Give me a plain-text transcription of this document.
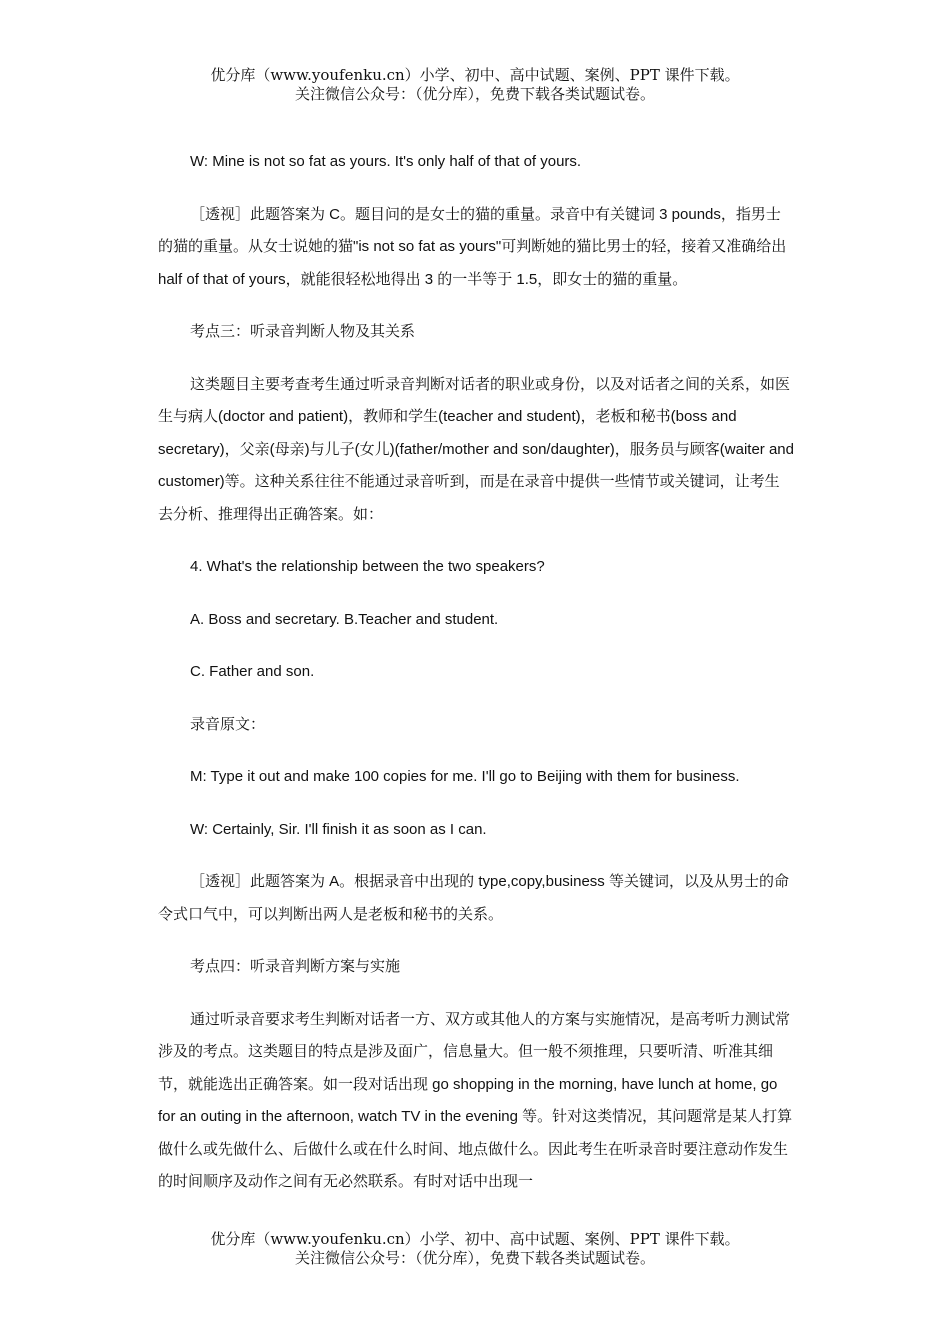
优分库（www.youfenku.cn）小学、初中、高中试题、案例、PPT 课件下载。
关注微信公众号：（优分库），免费下载各类试题试卷。

W: Mine is not so fat as yours. It's only half of that of yours.

［透视］此题答案为 C。题目问的是女士的猫的重量。录音中有关键词 3 pounds，指男士的猫的重量。从女士说她的猫"is not so fat as yours"可判断她的猫比男士的轻，接着又准确给出 half of that of yours，就能很轻松地得出 3 的一半等于 1.5，即女士的猫的重量。

考点三：听录音判断人物及其关系

这类题目主要考查考生通过听录音判断对话者的职业或身份，以及对话者之间的关系，如医生与病人(doctor and patient)，教师和学生(teacher and student)，老板和秘书(boss and secretary)，父亲(母亲)与儿子(女儿)(father/mother and son/daughter)，服务员与顾客(waiter and customer)等。这种关系往往不能通过录音听到，而是在录音中提供一些情节或关键词，让考生去分析、推理得出正确答案。如：

4. What's the relationship between the two speakers?

A. Boss and secretary. B.Teacher and student.

C. Father and son.

录音原文：

M: Type it out and make 100 copies for me. I'll go to Beijing with them for business.

W: Certainly, Sir. I'll finish it as soon as I can.

［透视］此题答案为 A。根据录音中出现的 type,copy,business 等关键词，以及从男士的命令式口气中，可以判断出两人是老板和秘书的关系。

考点四：听录音判断方案与实施

通过听录音要求考生判断对话者一方、双方或其他人的方案与实施情况，是高考听力测试常涉及的考点。这类题目的特点是涉及面广，信息量大。但一般不须推理，只要听清、听准其细节，就能选出正确答案。如一段对话出现 go shopping in the morning, have lunch at home, go for an outing in the afternoon, watch TV in the evening 等。针对这类情况，其问题常是某人打算做什么或先做什么、后做什么或在什么时间、地点做什么。因此考生在听录音时要注意动作发生的时间顺序及动作之间有无必然联系。有时对话中出现一

优分库（www.youfenku.cn）小学、初中、高中试题、案例、PPT 课件下载。
关注微信公众号：（优分库），免费下载各类试题试卷。
